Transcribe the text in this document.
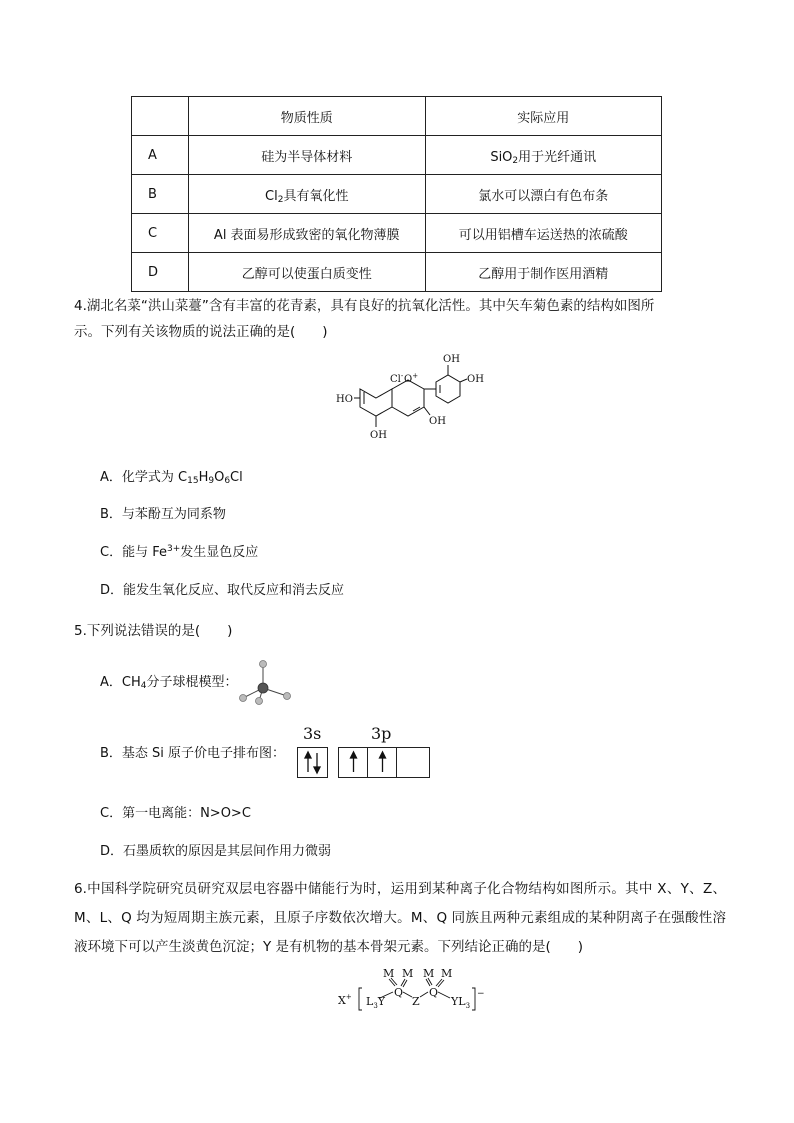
	物质性质	实际应用
A	硅为半导体材料	SiO$_2$用于光纤通讯
B	$Cl_2$具有氧化性	氯水可以漂白有色布条
C	Al 表面易形成致密的氧化物薄膜	可以用铝槽车运送热的浓硫酸
D	乙醇可以使蛋白质变性	乙醇用于制作医用酒精
4.湖北名菜“洪山菜薹”含有丰富的花青素，具有良好的抗氧化活性。其中矢车菊色素的结构如图所
示。下列有关该物质的说法正确的是(　　)
OH
OH
HO
OH
OH
Cl- O+
A．化学式为 $C_{15}H_9O_6Cl$
B．与苯酚互为同系物
C．能与 $Fe^{3+}$发生显色反应
D．能发生氧化反应、取代反应和消去反应
5.下列说法错误的是(　　)
A．$CH_4$分子球棍模型：
B．基态 Si 原子价电子排布图：
3s	3p
C．第一电离能：N>O>C
D．石墨质软的原因是其层间作用力微弱
6.中国科学院研究员研究双层电容器中储能行为时，运用到某种离子化合物结构如图所示。其中 X、Y、Z、M、L、Q 均为短周期主族元素，且原子序数依次增大。M、Q 同族且两种元素组成的某种阴离子在强酸性溶液环境下可以产生淡黄色沉淀；Y 是有机物的基本骨架元素。下列结论正确的是(　　)
X+ $L_3Y$
Q
Z
Q
$YL_3$
−
M M M M
